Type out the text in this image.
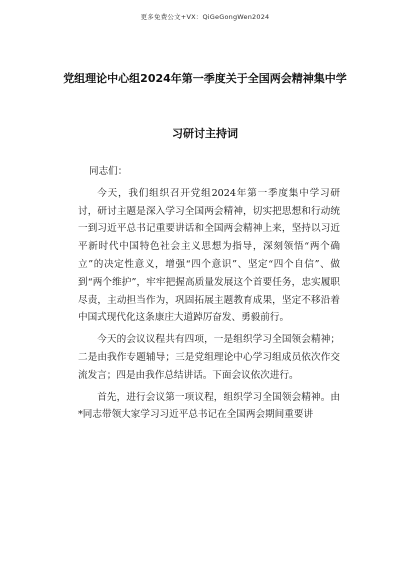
更多免费公文+VX：QiGeGongWen2024
党组理论中心组2024年第一季度关于全国两会精神集中学
习研讨主持词

同志们：

今天，我们组织召开党组2024年第一季度集中学习研讨，研讨主题是深入学习全国两会精神，切实把思想和行动统一到习近平总书记重要讲话和全国两会精神上来，坚持以习近平新时代中国特色社会主义思想为指导，深刻领悟“两个确立”的决定性意义，增强“四个意识”、坚定“四个自信”、做到“两个维护”，牢牢把握高质量发展这个首要任务，忠实履职尽责，主动担当作为，巩固拓展主题教育成果，坚定不移沿着中国式现代化这条康庄大道踔厉奋发、勇毅前行。

今天的会议议程共有四项，一是组织学习全国领会精神；二是由我作专题辅导；三是党组理论中心学习组成员依次作交流发言；四是由我作总结讲话。下面会议依次进行。

首先，进行会议第一项议程，组织学习全国领会精神。由*同志带领大家学习习近平总书记在全国两会期间重要讲
